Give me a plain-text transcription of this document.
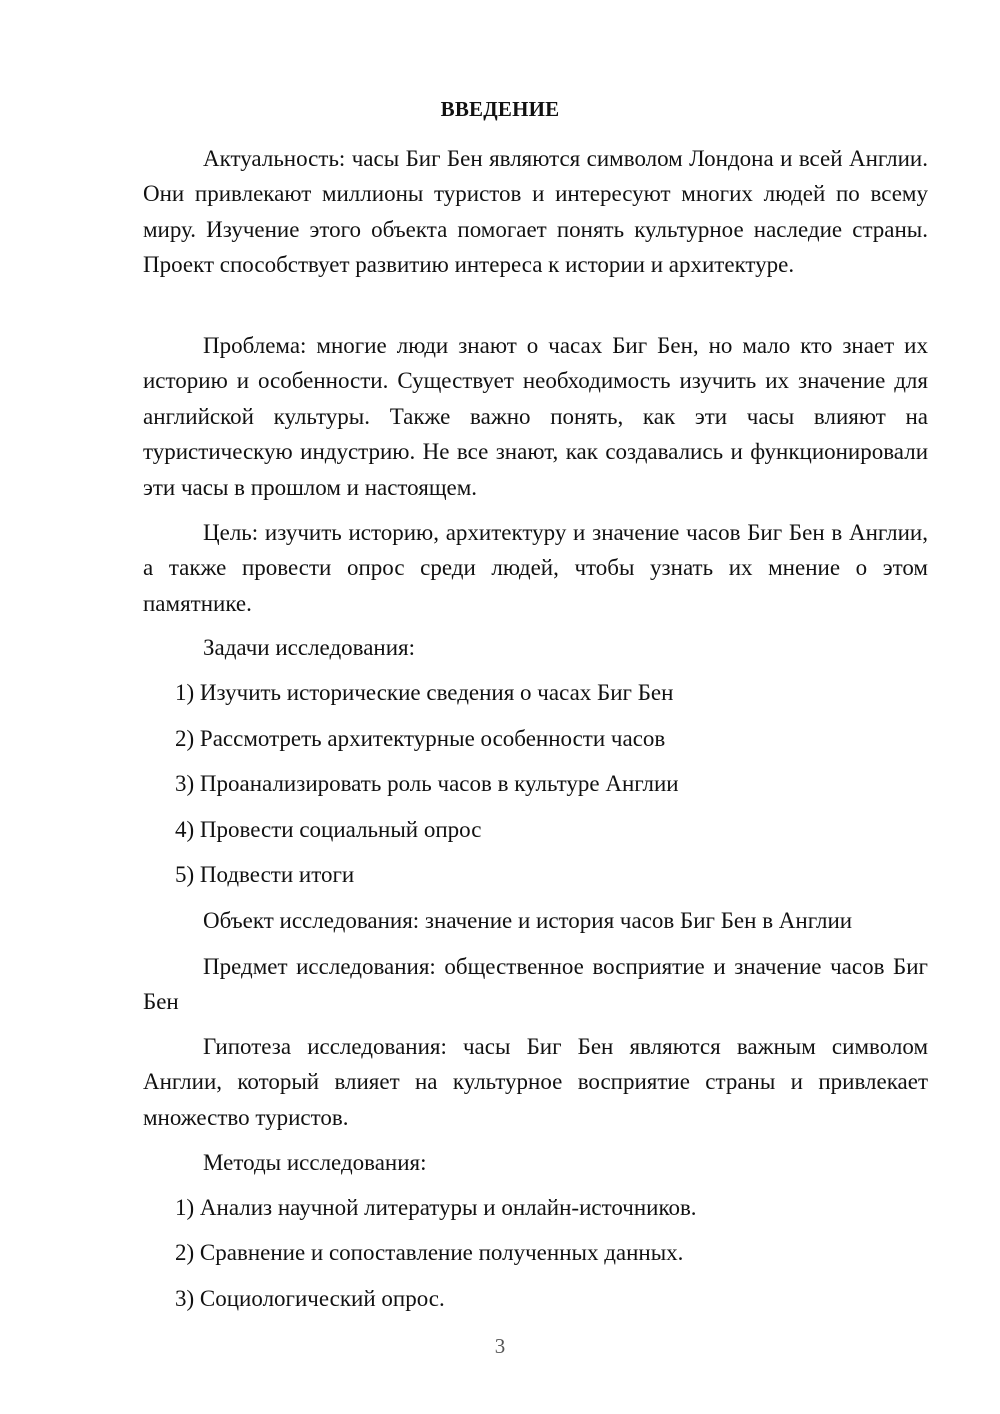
ВВЕДЕНИЕ

Актуальность: часы Биг Бен являются символом Лондона и всей Англии. Они привлекают миллионы туристов и интересуют многих людей по всему миру. Изучение этого объекта помогает понять культурное наследие страны. Проект способствует развитию интереса к истории и архитектуре.

Проблема: многие люди знают о часах Биг Бен, но мало кто знает их историю и особенности. Существует необходимость изучить их значение для английской культуры. Также важно понять, как эти часы влияют на туристическую индустрию. Не все знают, как создавались и функционировали эти часы в прошлом и настоящем.

Цель: изучить историю, архитектуру и значение часов Биг Бен в Англии, а также провести опрос среди людей, чтобы узнать их мнение о этом памятнике.

Задачи исследования:
1) Изучить исторические сведения о часах Биг Бен
2) Рассмотреть архитектурные особенности часов
3) Проанализировать роль часов в культуре Англии
4) Провести социальный опрос
5) Подвести итоги
Объект исследования: значение и история часов Биг Бен в Англии

Предмет исследования: общественное восприятие и значение часов Биг Бен

Гипотеза исследования: часы Биг Бен являются важным символом Англии, который влияет на культурное восприятие страны и привлекает множество туристов.

Методы исследования:
1) Анализ научной литературы и онлайн-источников.
2) Сравнение и сопоставление полученных данных.
3) Социологический опрос.
3
